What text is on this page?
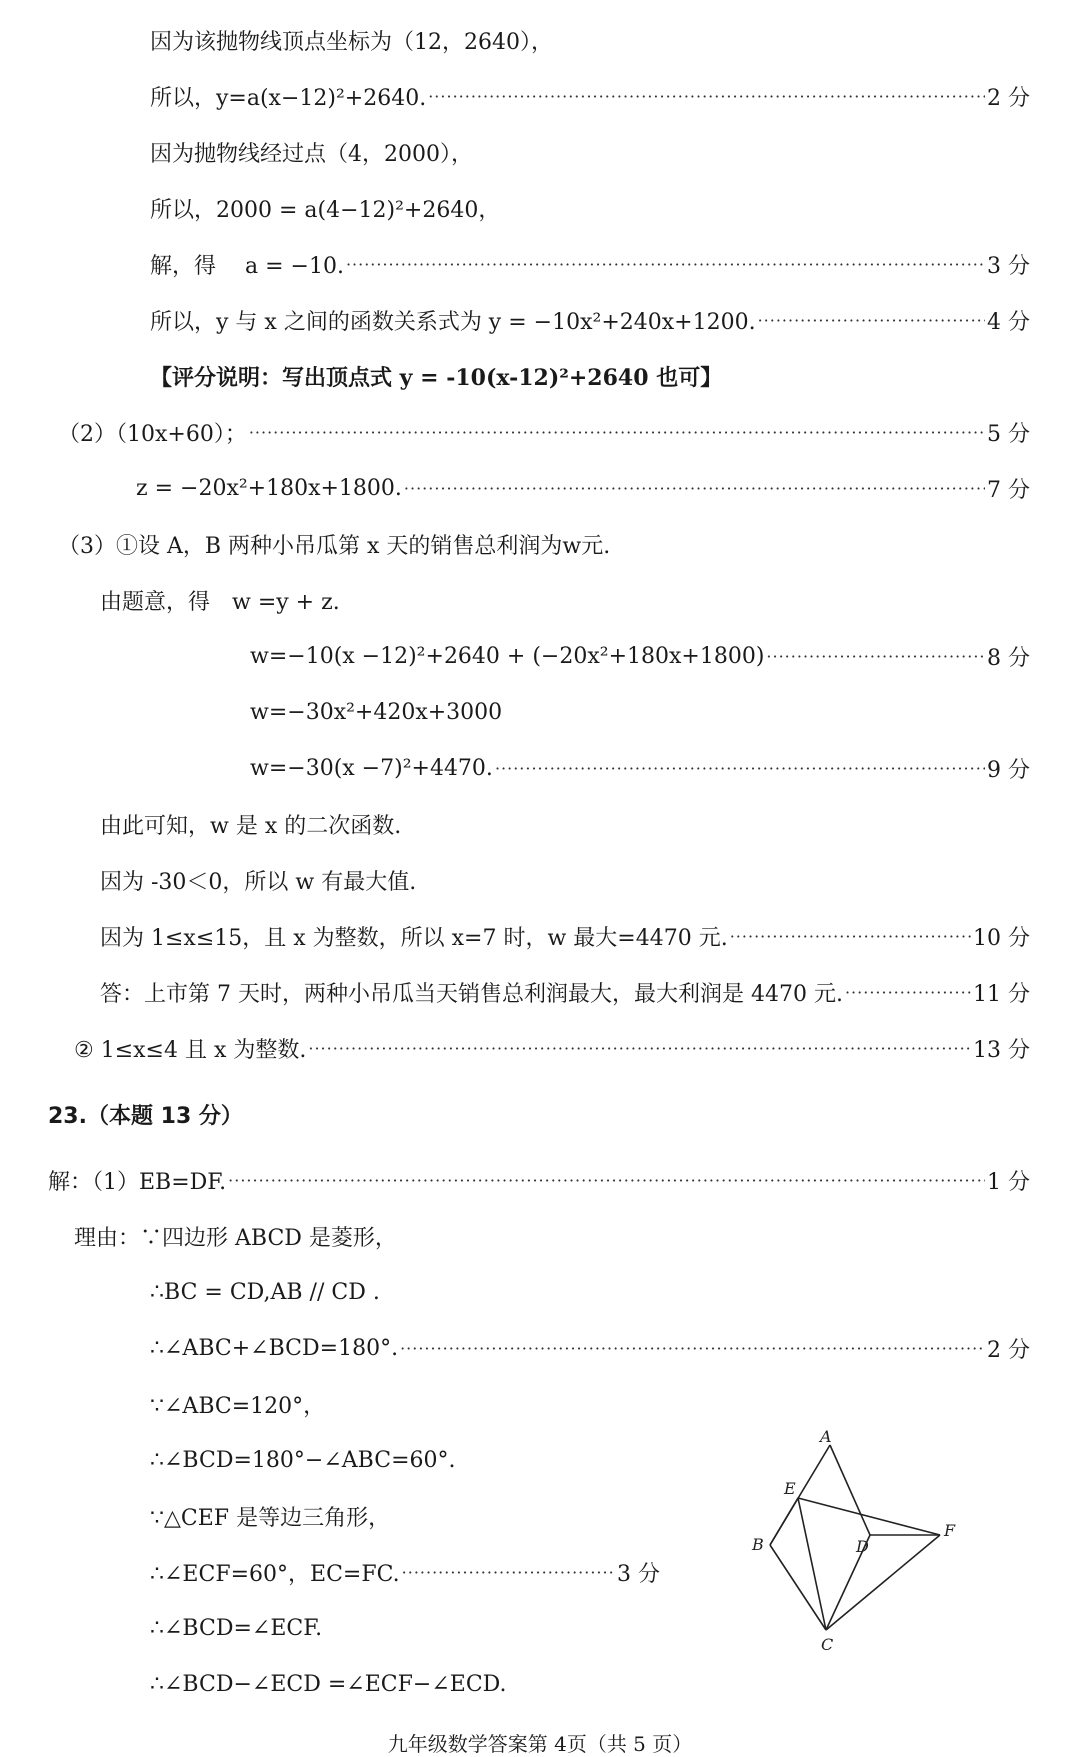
因为该抛物线顶点坐标为（12，2640），
所以，y=a(x−12)²+2640. ·····	2 分
因为抛物线经过点（4，2000），
所以，2000 = a(4−12)²+2640，
解，得　 a = −10. ·····	3 分
所以，y 与 x 之间的函数关系式为 y = −10x²+240x+1200. ·····	4 分
【评分说明：写出顶点式 y = -10(x-12)²+2640 也可】
（2）（10x+60）； ·····	5 分
z = −20x²+180x+1800. ·····	7 分
（3）①设 A，B 两种小吊瓜第 x 天的销售总利润为w元.
由题意，得　w =y + z.
w=−10(x −12)²+2640 + (−20x²+180x+1800) ·····	8 分
w=−30x²+420x+3000
w=−30(x −7)²+4470. ·····	9 分
由此可知，w 是 x 的二次函数.
因为 -30＜0，所以 w 有最大值.
因为 1≤x≤15，且 x 为整数，所以 x=7 时，w 最大=4470 元. ·····	10 分
答：上市第 7 天时，两种小吊瓜当天销售总利润最大，最大利润是 4470 元. ·····	11 分
② 1≤x≤4 且 x 为整数. ·····	13 分
23.（本题 13 分）
解：（1）EB=DF. ·····	1 分
理由：∵四边形 ABCD 是菱形，
∴BC = CD,AB // CD .
∴∠ABC+∠BCD=180°. ·····	2 分
∵∠ABC=120°，
∴∠BCD=180°−∠ABC=60°.
∵△CEF 是等边三角形，
∴∠ECF=60°，EC=FC. ·····	3 分
∴∠BCD=∠ECF.
∴∠BCD−∠ECD =∠ECF−∠ECD.
A
E
B	D
F
C
九年级数学答案第 4页（共 5 页）
